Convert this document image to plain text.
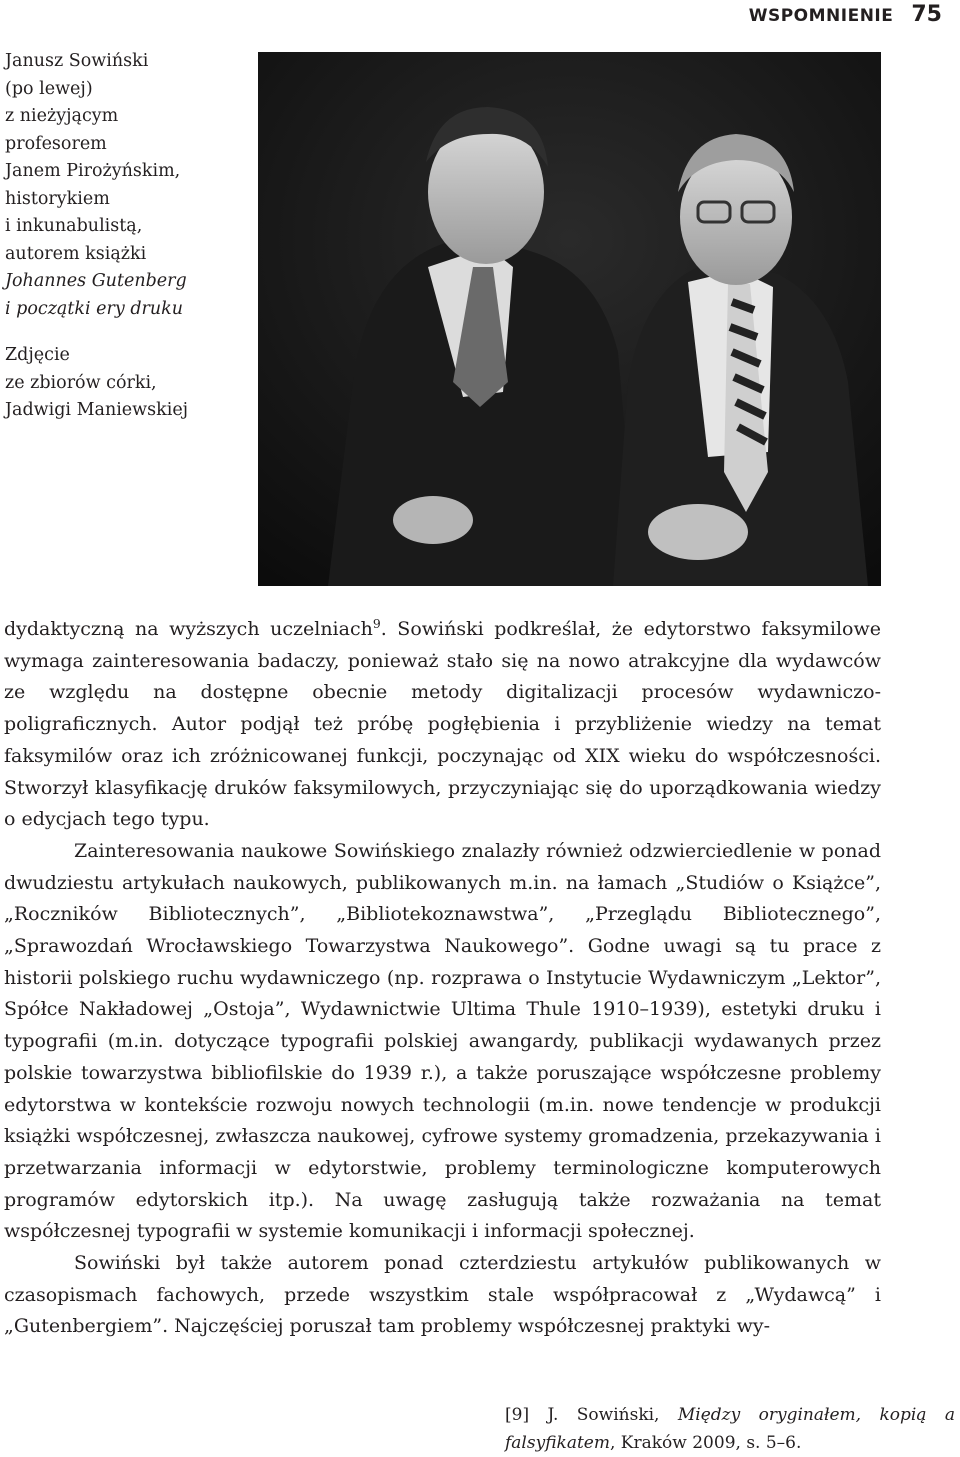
WSPOMNIENIE 75

Janusz Sowiński
(po lewej)
z nieżyjącym
profesorem
Janem Pirożyńskim,
historykiem
i inkunabulistą,
autorem książki
Johannes Gutenberg
i początki ery druku

Zdjęcie
ze zbiorów córki,
Jadwigi Maniewskiej

dydaktyczną na wyższych uczelniach$^9$. Sowiński podkreślał, że edytorstwo faksymilowe wymaga zainteresowania badaczy, ponieważ stało się na nowo atrakcyjne dla wydawców ze względu na dostępne obecnie metody digitalizacji procesów wydawniczo-poligraficznych. Autor podjął też próbę pogłębienia i przybliżenie wiedzy na temat faksymilów oraz ich zróżnicowanej funkcji, poczynając od XIX wieku do współczesności. Stworzył klasyfikację druków faksymilowych, przyczyniając się do uporządkowania wiedzy o edycjach tego typu.

Zainteresowania naukowe Sowińskiego znalazły również odzwierciedlenie w ponad dwudziestu artykułach naukowych, publikowanych m.in. na łamach „Studiów o Książce”, „Roczników Bibliotecznych”, „Bibliotekoznawstwa”, „Przeglądu Bibliotecznego”, „Sprawozdań Wrocławskiego Towarzystwa Naukowego”. Godne uwagi są tu prace z historii polskiego ruchu wydawniczego (np. rozprawa o Instytucie Wydawniczym „Lektor”, Spółce Nakładowej „Ostoja”, Wydawnictwie Ultima Thule 1910–1939), estetyki druku i typografii (m.in. dotyczące typografii polskiej awangardy, publikacji wydawanych przez polskie towarzystwa bibliofilskie do 1939 r.), a także poruszające współczesne problemy edytorstwa w kontekście rozwoju nowych technologii (m.in. nowe tendencje w produkcji książki współczesnej, zwłaszcza naukowej, cyfrowe systemy gromadzenia, przekazywania i przetwarzania informacji w edytorstwie, problemy terminologiczne komputerowych programów edytorskich itp.). Na uwagę zasługują także rozważania na temat współczesnej typografii w systemie komunikacji i informacji społecznej.

Sowiński był także autorem ponad czterdziestu artykułów publikowanych w czasopismach fachowych, przede wszystkim stale współpracował z „Wydawcą” i „Gutenbergiem”. Najczęściej poruszał tam problemy współczesnej praktyki wy-

[9] J. Sowiński, Między oryginałem, kopią a falsyfikatem, Kraków 2009, s. 5–6.
